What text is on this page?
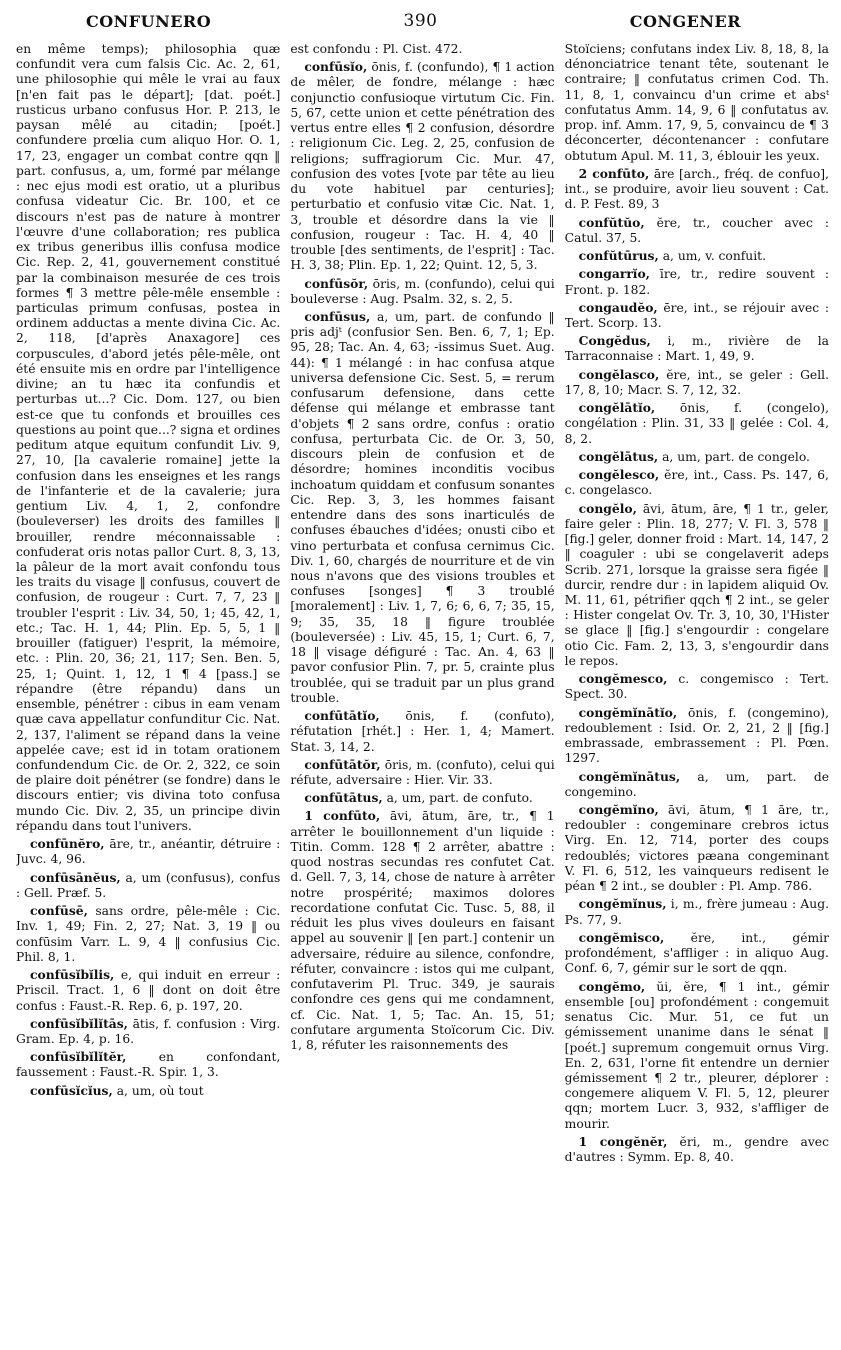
CONFUNERO	390	CONGENER

en même temps); philosophia quæ confundit vera cum falsis Cic. Ac. 2, 61, une philosophie qui mêle le vrai au faux [n'en fait pas le départ]; [dat. poét.] rusticus urbano confusus Hor. P. 213, le paysan mêlé au citadin; [poét.] confundere prœlia cum aliquo Hor. O. 1, 17, 23, engager un combat contre qqn ‖ part. confusus, a, um, formé par mélange : nec ejus modi est oratio, ut a pluribus confusa videatur Cic. Br. 100, et ce discours n'est pas de nature à montrer l'œuvre d'une collaboration; res publica ex tribus generibus illis confusa modice Cic. Rep. 2, 41, gouvernement constitué par la combinaison mesurée de ces trois formes ¶ 3 mettre pêle-mêle ensemble : particulas primum confusas, postea in ordinem adductas a mente divina Cic. Ac. 2, 118, [d'après Anaxagore] ces corpuscules, d'abord jetés pêle-mêle, ont été ensuite mis en ordre par l'intelligence divine; an tu hæc ita confundis et perturbas ut...? Cic. Dom. 127, ou bien est-ce que tu confonds et brouilles ces questions au point que...? signa et ordines peditum atque equitum confundit Liv. 9, 27, 10, [la cavalerie romaine] jette la confusion dans les enseignes et les rangs de l'infanterie et de la cavalerie; jura gentium Liv. 4, 1, 2, confondre (bouleverser) les droits des familles ‖ brouiller, rendre méconnaissable : confuderat oris notas pallor Curt. 8, 3, 13, la pâleur de la mort avait confondu tous les traits du visage ‖ confusus, couvert de confusion, de rougeur : Curt. 7, 7, 23 ‖ troubler l'esprit : Liv. 34, 50, 1; 45, 42, 1, etc.; Tac. H. 1, 44; Plin. Ep. 5, 5, 1 ‖ brouiller (fatiguer) l'esprit, la mémoire, etc. : Plin. 20, 36; 21, 117; Sen. Ben. 5, 25, 1; Quint. 1, 12, 1 ¶ 4 [pass.] se répandre (être répandu) dans un ensemble, pénétrer : cibus in eam venam quæ cava appellatur confunditur Cic. Nat. 2, 137, l'aliment se répand dans la veine appelée cave; est id in totam orationem confundendum Cic. de Or. 2, 322, ce soin de plaire doit pénétrer (se fondre) dans le discours entier; vis divina toto confusa mundo Cic. Div. 2, 35, un principe divin répandu dans tout l'univers.

confūnĕro, āre, tr., anéantir, détruire : Juvc. 4, 96.

confūsānĕus, a, um (confusus), confus : Gell. Præf. 5.

confūsē, sans ordre, pêle-mêle : Cic. Inv. 1, 49; Fin. 2, 27; Nat. 3, 19 ‖ ou confūsim Varr. L. 9, 4 ‖ confusius Cic. Phil. 8, 1.

confūsĭbĭlis, e, qui induit en erreur : Priscil. Tract. 1, 6 ‖ dont on doit être confus : Faust.-R. Rep. 6, p. 197, 20.

confūsĭbĭlĭtās, ātis, f. confusion : Virg. Gram. Ep. 4, p. 16.

confūsĭbĭlĭtĕr,	en confondant, faussement : Faust.-R. Spir. 1, 3.

confūsĭcĭus, a, um, où tout

est confondu : Pl. Cist. 472.

confūsĭo, ōnis, f. (confundo), ¶ 1 action de mêler, de fondre, mélange : hæc conjunctio confusioque virtutum Cic. Fin. 5, 67, cette union et cette pénétration des vertus entre elles ¶ 2 confusion, désordre : religionum Cic. Leg. 2, 25, confusion de religions; suffragiorum Cic. Mur. 47, confusion des votes [vote par tête au lieu du vote habituel par centuries]; perturbatio et confusio vitæ Cic. Nat. 1, 3, trouble et désordre dans la vie ‖ confusion, rougeur : Tac. H. 4, 40 ‖ trouble [des sentiments, de l'esprit] : Tac. H. 3, 38; Plin. Ep. 1, 22; Quint. 12, 5, 3.

confūsŏr, ōris, m. (confundo), celui qui bouleverse : Aug. Psalm. 32, s. 2, 5.

confūsus, a, um, part. de confundo ‖ pris adjᵗ (confusior Sen. Ben. 6, 7, 1; Ep. 95, 28; Tac. An. 4, 63; -issimus Suet. Aug. 44): ¶ 1 mélangé : in hac confusa atque universa defensione Cic. Sest. 5, = rerum confusarum defensione, dans cette défense qui mélange et embrasse tant d'objets ¶ 2 sans ordre, confus : oratio confusa, perturbata Cic. de Or. 3, 50, discours plein de confusion et de désordre; homines inconditis vocibus inchoatum quiddam et confusum sonantes Cic. Rep. 3, 3, les hommes faisant entendre dans des sons inarticulés de confuses ébauches d'idées; onusti cibo et vino perturbata et confusa cernimus Cic. Div. 1, 60, chargés de nourriture et de vin nous n'avons que des visions troubles et confuses [songes] ¶ 3 troublé [moralement] : Liv. 1, 7, 6; 6, 6, 7; 35, 15, 9; 35, 35, 18 ‖ figure troublée (bouleversée) : Liv. 45, 15, 1; Curt. 6, 7, 18 ‖ visage défiguré : Tac. An. 4, 63 ‖ pavor confusior Plin. 7, pr. 5, crainte plus troublée, qui se traduit par un plus grand trouble.

confūtātĭo, ōnis, f. (confuto), réfutation [rhét.] : Her. 1, 4; Mamert. Stat. 3, 14, 2.

confūtātŏr, ōris, m. (confuto), celui qui réfute, adversaire : Hier. Vir. 33.

confūtātus, a, um, part. de confuto.

1 confūto, āvi, ātum, āre, tr., ¶ 1 arrêter le bouillonnement d'un liquide : Titin. Comm. 128 ¶ 2 arrêter, abattre : quod nostras secundas res confutet Cat. d. Gell. 7, 3, 14, chose de nature à arrêter notre prospérité; maximos dolores recordatione confutat Cic. Tusc. 5, 88, il réduit les plus vives douleurs en faisant appel au souvenir ‖ [en part.] contenir un adversaire, réduire au silence, confondre, réfuter, convaincre : istos qui me culpant, confutaverim Pl. Truc. 349, je saurais confondre ces gens qui me condamnent, cf. Cic. Nat. 1, 5; Tac. An. 15, 51; confutare argumenta Stoïcorum Cic. Div. 1, 8, réfuter les raisonnements des

Stoïciens; confutans index Liv. 8, 18, 8, la dénonciatrice tenant tête, soutenant le contraire; ‖ confutatus crimen Cod. Th. 11, 8, 1, convaincu d'un crime et absᵗ confutatus Amm. 14, 9, 6 ‖ confutatus av. prop. inf. Amm. 17, 9, 5, convaincu de ¶ 3 déconcerter, décontenancer : confutare obtutum Apul. M. 11, 3, éblouir les yeux.

2 confūto, āre [arch., fréq. de confuo], int., se produire, avoir lieu souvent : Cat. d. P. Fest. 89, 3

confŭtŭo, ĕre, tr., coucher avec : Catul. 37, 5.

confŭtūrus, a, um, v. confuit.

congarrĭo, īre, tr., redire souvent : Front. p. 182.

congaudĕo, ēre, int., se réjouir avec : Tert. Scorp. 13.

Congĕdus, i, m., rivière de la Tarraconnaise : Mart. 1, 49, 9.

congĕlasco, ĕre, int., se geler : Gell. 17, 8, 10; Macr. S. 7, 12, 32.

congĕlātĭo, ōnis, f. (congelo), congélation : Plin. 31, 33 ‖ gelée : Col. 4, 8, 2.

congĕlātus, a, um, part. de congelo.

congĕlesco, ĕre, int., Cass. Ps. 147, 6, c. congelasco.

congĕlo, āvi, ātum, āre, ¶ 1 tr., geler, faire geler : Plin. 18, 277; V. Fl. 3, 578 ‖ [fig.] geler, donner froid : Mart. 14, 147, 2 ‖ coaguler : ubi se congelaverit adeps Scrib. 271, lorsque la graisse sera figée ‖ durcir, rendre dur : in lapidem aliquid Ov. M. 11, 61, pétrifier qqch ¶ 2 int., se geler : Hister congelat Ov. Tr. 3, 10, 30, l'Hister se glace ‖ [fig.] s'engourdir : congelare otio Cic. Fam. 2, 13, 3, s'engourdir dans le repos.

congĕmesco, c. congemisco : Tert. Spect. 30.

congĕmĭnātĭo, ōnis, f. (congemino), redoublement : Isid. Or. 2, 21, 2 ‖ [fig.] embrassade, embrassement : Pl. Pœn. 1297.

congĕmĭnātus, a, um, part. de congemino.

congĕmĭno, āvi, ātum, ¶ 1 āre, tr., redoubler : congeminare crebros ictus Virg. En. 12, 714, porter des coups redoublés; victores pæana congeminant V. Fl. 6, 512, les vainqueurs redisent le péan ¶ 2 int., se doubler : Pl. Amp. 786.

congĕmĭnus, i, m., frère jumeau : Aug. Ps. 77, 9.

congĕmisco, ĕre, int., gémir profondément, s'affliger : in aliquo Aug. Conf. 6, 7, gémir sur le sort de qqn.

congĕmo, ŭi, ĕre, ¶ 1 int., gémir ensemble [ou] profondément : congemuit senatus Cic. Mur. 51, ce fut un gémissement unanime dans le sénat ‖ [poét.] supremum congemuit ornus Virg. En. 2, 631, l'orne fit entendre un dernier gémissement ¶ 2 tr., pleurer, déplorer : congemere aliquem V. Fl. 5, 12, pleurer qqn; mortem Lucr. 3, 932, s'affliger de mourir.

1 congĕnĕr, ĕri, m., gendre avec d'autres : Symm. Ep. 8, 40.
